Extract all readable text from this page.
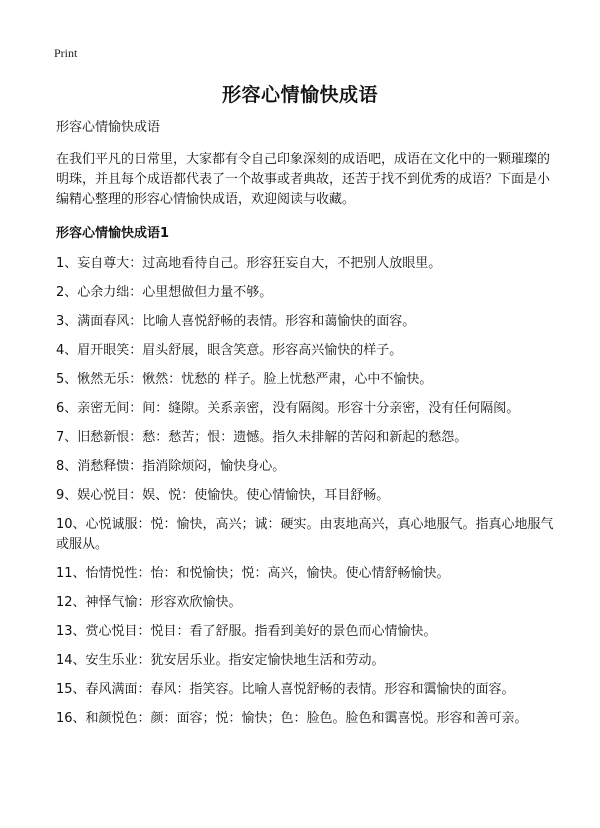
Print
形容心情愉快成语

形容心情愉快成语

在我们平凡的日常里，大家都有令自己印象深刻的成语吧，成语在文化中的一颗璀璨的明珠，并且每个成语都代表了一个故事或者典故，还苦于找不到优秀的成语？下面是小编精心整理的形容心情愉快成语，欢迎阅读与收藏。

形容心情愉快成语1
1、妄自尊大：过高地看待自己。形容狂妄自大，不把别人放眼里。
2、心余力绌：心里想做但力量不够。
3、满面春风：比喻人喜悦舒畅的表情。形容和蔼愉快的面容。
4、眉开眼笑：眉头舒展，眼含笑意。形容高兴愉快的样子。
5、愀然无乐：愀然：忧愁的 样子。脸上忧愁严肃，心中不愉快。
6、亲密无间：间：缝隙。关系亲密，没有隔阂。形容十分亲密，没有任何隔阂。
7、旧愁新恨：愁：愁苦；恨：遗憾。指久未排解的苦闷和新起的愁怨。
8、消愁释愦：指消除烦闷，愉快身心。
9、娱心悦目：娱、悦：使愉快。使心情愉快，耳目舒畅。
10、心悦诚服：悦：愉快，高兴；诚：硬实。由衷地高兴，真心地服气。指真心地服气或服从。
11、怡情悦性：怡：和悦愉快；悦：高兴，愉快。使心情舒畅愉快。
12、神怿气愉：形容欢欣愉快。
13、赏心悦目：悦目：看了舒服。指看到美好的景色而心情愉快。
14、安生乐业：犹安居乐业。指安定愉快地生活和劳动。
15、春风满面：春风：指笑容。比喻人喜悦舒畅的表情。形容和霭愉快的面容。
16、和颜悦色：颜：面容；悦：愉快；色：脸色。脸色和霭喜悦。形容和善可亲。
